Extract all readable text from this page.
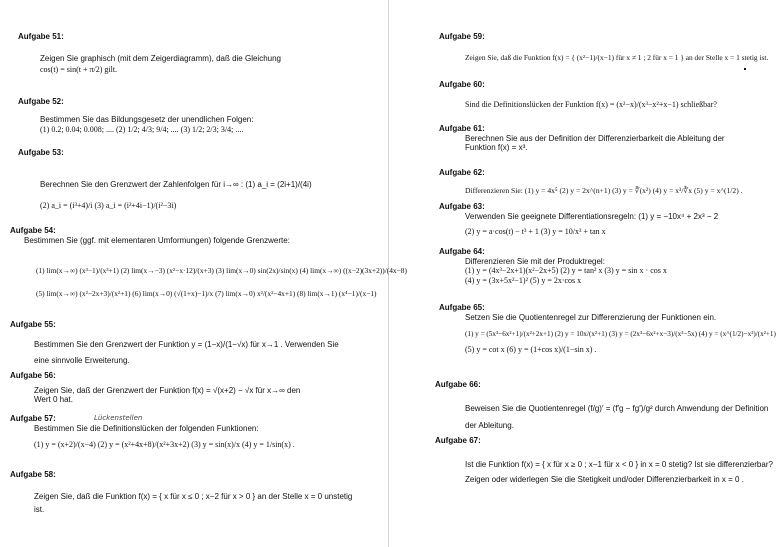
Aufgabe 51:
Zeigen Sie graphisch (mit dem Zeigerdiagramm), daß die Gleichung
cos(t) = sin(t + π/2) gilt.
Aufgabe 52:
Bestimmen Sie das Bildungsgesetz der unendlichen Folgen:
(1) 0.2; 0.04; 0.008; .... (2) 1/2; 4/3; 9/4; .... (3) 1/2; 2/3; 3/4; ....
Aufgabe 53:
Berechnen Sie den Grenzwert der Zahlenfolgen für i→∞ : (1) a_i = (2i+1)/(4i)
(2) a_i = (i³+4)/i (3) a_i = (i²+4i−1)/(i²−3i)
Aufgabe 54:
Bestimmen Sie (ggf. mit elementaren Umformungen) folgende Grenzwerte:
(1) lim(x→∞) (x³−1)/(x³+1) (2) lim(x→−3) (x²−x·12)/(x+3) (3) lim(x→0) sin(2x)/sin(x) (4) lim(x→∞) ((x−2)(3x+2))/(4x−8)
(5) lim(x→∞) (x²−2x+3)/(x²+1) (6) lim(x→0) (√(1+x)−1)/x (7) lim(x→0) x²/(x²−4x+1) (8) lim(x→1) (x⁴−1)/(x−1)
Aufgabe 55:
Bestimmen Sie den Grenzwert der Funktion y = (1−x)/(1−√x) für x→1 . Verwenden Sie
eine sinnvolle Erweiterung.
Aufgabe 56:
Zeigen Sie, daß der Grenzwert der Funktion f(x) = √(x+2) − √x für x→∞ den
Wert 0 hat.
Lückenstellen
Aufgabe 57:
Bestimmen Sie die Definitionslücken der folgenden Funktionen:
(1) y = (x+2)/(x−4) (2) y = (x²+4x+8)/(x²+3x+2) (3) y = sin(x)/x (4) y = 1/sin(x) .
Aufgabe 58:
Zeigen Sie, daß die Funktion f(x) = { x für x ≤ 0 ; x−2 für x > 0 } an der Stelle x = 0 unstetig
ist.
Aufgabe 59:
Zeigen Sie, daß die Funktion f(x) = { (x²−1)/(x−1) für x ≠ 1 ; 2 für x = 1 } an der Stelle x = 1 stetig ist.
Aufgabe 60:
Sind die Definitionslücken der Funktion f(x) = (x²−x)/(x³−x²+x−1) schließbar?
Aufgabe 61:
Berechnen Sie aus der Definition der Differenzierbarkeit die Ableitung der
Funktion f(x) = x³.
Aufgabe 62:
Differenzieren Sie: (1) y = 4x⁵ (2) y = 2x^(n+1) (3) y = ∛(x²) (4) y = x³/∛x (5) y = x^(1/2) .
Aufgabe 63:
Verwenden Sie geeignete Differentiationsregeln: (1) y = −10x⁴ + 2x³ − 2
(2) y = a·cos(t) − t³ + 1 (3) y = 10/x³ + tan x
Aufgabe 64:
Differenzieren Sie mit der Produktregel:
(1) y = (4x³−2x+1)(x²−2x+5) (2) y = tan² x (3) y = sin x · cos x
(4) y = (3x+5x²−1)² (5) y = 2x·cos x
Aufgabe 65:
Setzen Sie die Quotientenregel zur Differenzierung der Funktionen ein.
(1) y = (5x³−6x²+1)/(x²+2x+1) (2) y = 10x/(x²+1) (3) y = (2x³−6x²+x−3)/(x³−5x) (4) y = (x^(1/2)−x²)/(x²+1)
(5) y = cot x (6) y = (1+cos x)/(1−sin x) .
Aufgabe 66:
Beweisen Sie die Quotientenregel (f/g)′ = (f′g − fg′)/g² durch Anwendung der Definition
der Ableitung.
Aufgabe 67:
Ist die Funktion f(x) = { x für x ≥ 0 ; x−1 für x < 0 } in x = 0 stetig? Ist sie differenzierbar?
Zeigen oder widerlegen Sie die Stetigkeit und/oder Differenzierbarkeit in x = 0 .
